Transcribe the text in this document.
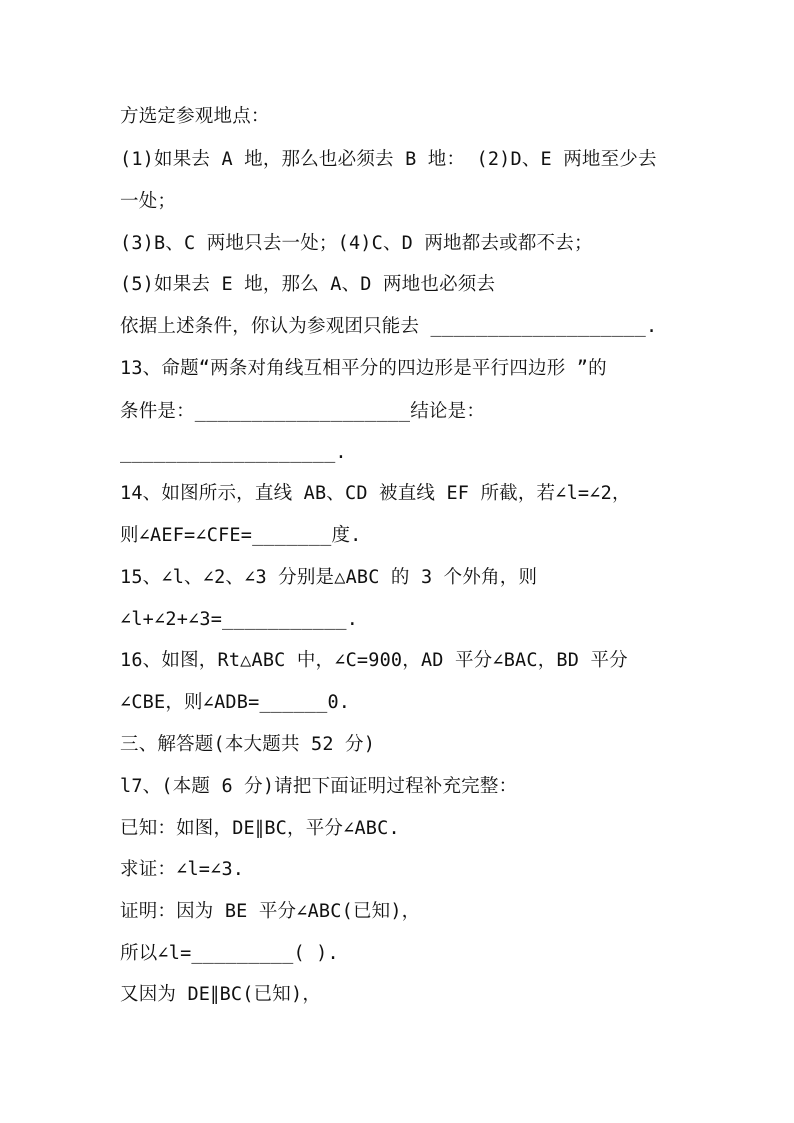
方选定参观地点：
(1)如果去 A 地，那么也必须去 B 地： (2)D、E 两地至少去
一处；
(3)B、C 两地只去一处；(4)C、D 两地都去或都不去；
(5)如果去 E 地，那么 A、D 两地也必须去
依据上述条件，你认为参观团只能去 ___________________.
13、命题“两条对角线互相平分的四边形是平行四边形 ”的
条件是：___________________结论是：
___________________.
14、如图所示，直线 AB、CD 被直线 EF 所截，若∠l=∠2，
则∠AEF=∠CFE=_______度.
15、∠l、∠2、∠3 分别是△ABC 的 3 个外角，则
∠l+∠2+∠3=___________.
16、如图，Rt△ABC 中，∠C=900，AD 平分∠BAC，BD 平分
∠CBE，则∠ADB=______0.
三、解答题(本大题共 52 分)
l7、(本题 6 分)请把下面证明过程补充完整：
已知：如图，DE∥BC，平分∠ABC.
求证：∠l=∠3.
证明：因为 BE 平分∠ABC(已知)，
所以∠l=_________( ).
又因为 DE∥BC(已知)，
